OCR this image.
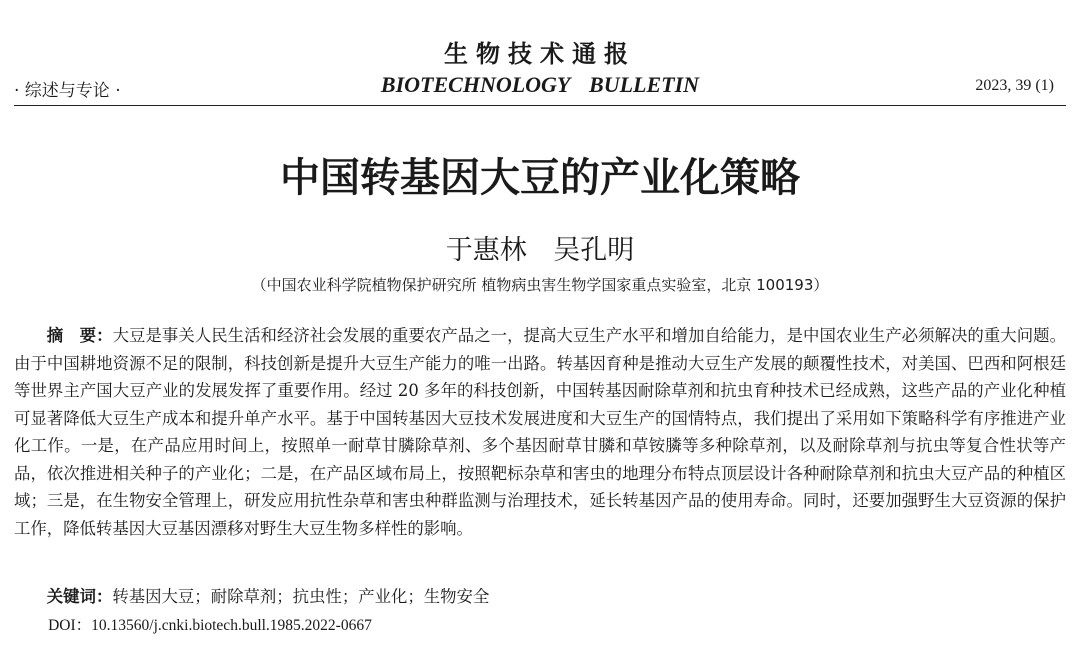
生物技术通报
· 综述与专论 ·	BIOTECHNOLOGY BULLETIN	2023, 39 (1)
中国转基因大豆的产业化策略
于惠林 吴孔明
（中国农业科学院植物保护研究所 植物病虫害生物学国家重点实验室，北京 100193）
摘　要：大豆是事关人民生活和经济社会发展的重要农产品之一，提高大豆生产水平和增加自给能力，是中国农业生产必须解决的重大问题。由于中国耕地资源不足的限制，科技创新是提升大豆生产能力的唯一出路。转基因育种是推动大豆生产发展的颠覆性技术，对美国、巴西和阿根廷等世界主产国大豆产业的发展发挥了重要作用。经过 20 多年的科技创新，中国转基因耐除草剂和抗虫育种技术已经成熟，这些产品的产业化种植可显著降低大豆生产成本和提升单产水平。基于中国转基因大豆技术发展进度和大豆生产的国情特点，我们提出了采用如下策略科学有序推进产业化工作。一是，在产品应用时间上，按照单一耐草甘膦除草剂、多个基因耐草甘膦和草铵膦等多种除草剂，以及耐除草剂与抗虫等复合性状等产品，依次推进相关种子的产业化；二是，在产品区域布局上，按照靶标杂草和害虫的地理分布特点顶层设计各种耐除草剂和抗虫大豆产品的种植区域；三是，在生物安全管理上，研发应用抗性杂草和害虫种群监测与治理技术，延长转基因产品的使用寿命。同时，还要加强野生大豆资源的保护工作，降低转基因大豆基因漂移对野生大豆生物多样性的影响。
关键词：转基因大豆；耐除草剂；抗虫性；产业化；生物安全
DOI：10.13560/j.cnki.biotech.bull.1985.2022-0667
